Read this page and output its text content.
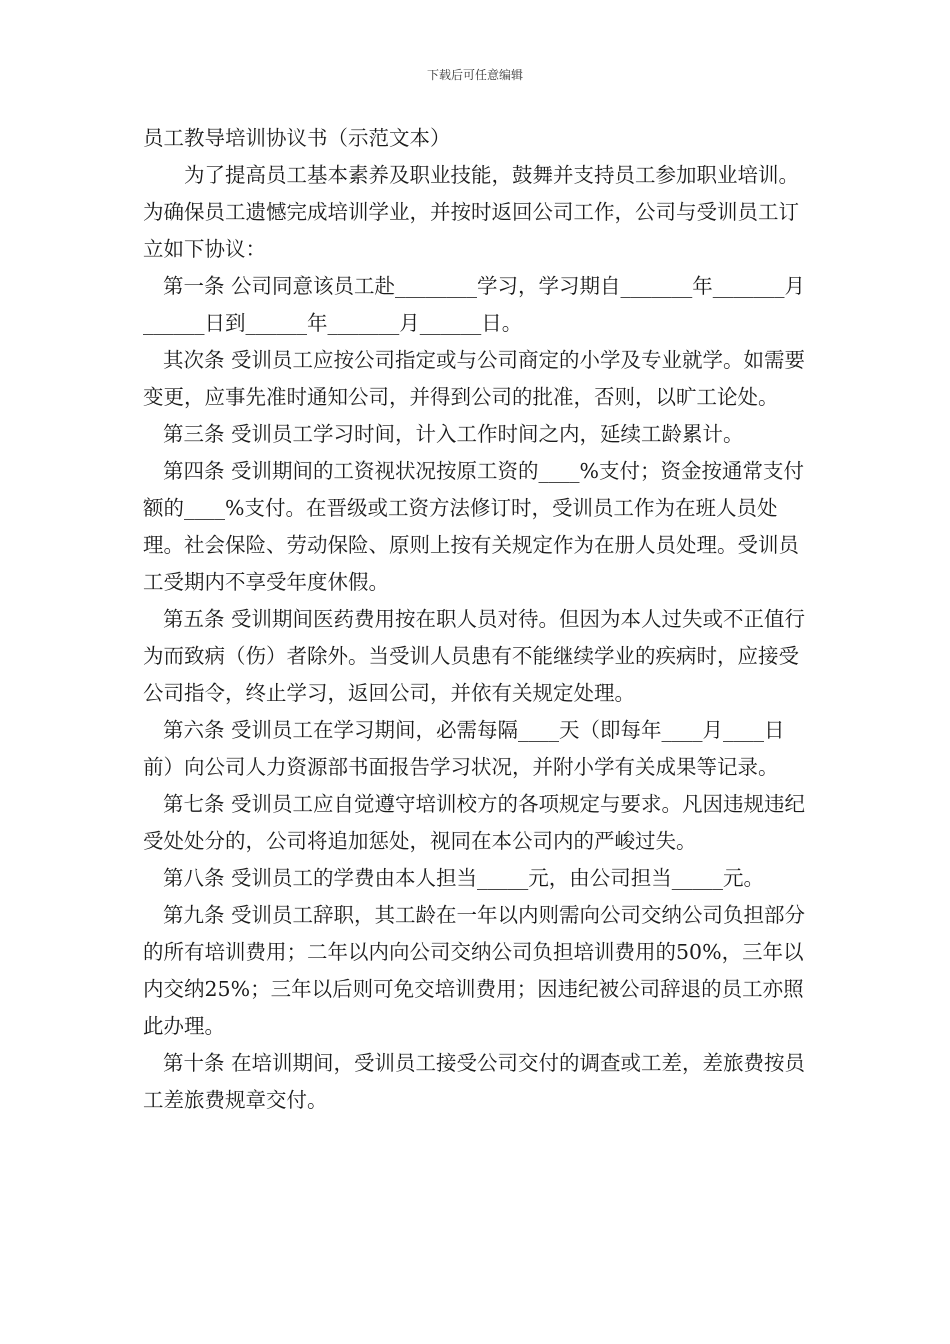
下载后可任意编辑

员工教导培训协议书（示范文本）

为了提高员工基本素养及职业技能，鼓舞并支持员工参加职业培训。为确保员工遗憾完成培训学业，并按时返回公司工作，公司与受训员工订立如下协议：

第一条 公司同意该员工赴________学习，学习期自_______年_______月______日到______年_______月______日。

其次条 受训员工应按公司指定或与公司商定的小学及专业就学。如需要变更，应事先准时通知公司，并得到公司的批准，否则，以旷工论处。

第三条 受训员工学习时间，计入工作时间之内，延续工龄累计。

第四条 受训期间的工资视状况按原工资的____%支付；资金按通常支付额的____%支付。在晋级或工资方法修订时，受训员工作为在班人员处理。社会保险、劳动保险、原则上按有关规定作为在册人员处理。受训员工受期内不享受年度休假。

第五条 受训期间医药费用按在职人员对待。但因为本人过失或不正值行为而致病（伤）者除外。当受训人员患有不能继续学业的疾病时，应接受公司指令，终止学习，返回公司，并依有关规定处理。

第六条 受训员工在学习期间，必需每隔____天（即每年____月____日前）向公司人力资源部书面报告学习状况，并附小学有关成果等记录。

第七条 受训员工应自觉遵守培训校方的各项规定与要求。凡因违规违纪受处处分的，公司将追加惩处，视同在本公司内的严峻过失。

第八条 受训员工的学费由本人担当_____元，由公司担当_____元。

第九条 受训员工辞职，其工龄在一年以内则需向公司交纳公司负担部分的所有培训费用；二年以内向公司交纳公司负担培训费用的50%，三年以内交纳25%；三年以后则可免交培训费用；因违纪被公司辞退的员工亦照此办理。

第十条 在培训期间，受训员工接受公司交付的调查或工差，差旅费按员工差旅费规章交付。
